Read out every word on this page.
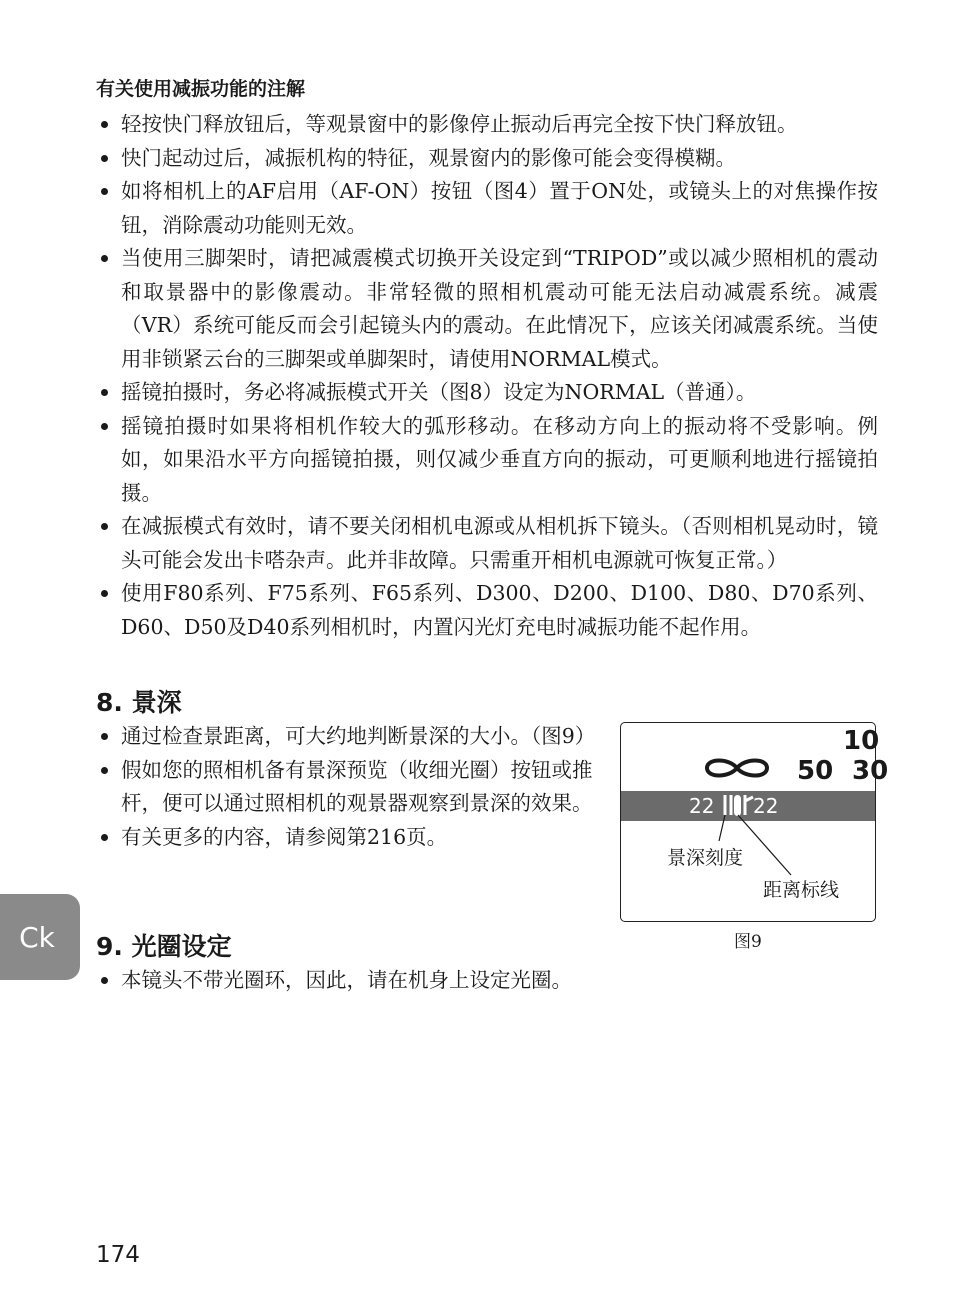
有关使用减振功能的注解
轻按快门释放钮后，等观景窗中的影像停止振动后再完全按下快门释放钮。
快门起动过后，减振机构的特征，观景窗内的影像可能会变得模糊。
如将相机上的AF启用（AF-ON）按钮（图4）置于ON处，或镜头上的对焦操作按钮，消除震动功能则无效。
当使用三脚架时，请把减震模式切换开关设定到“TRIPOD”或以减少照相机的震动和取景器中的影像震动。非常轻微的照相机震动可能无法启动减震系统。减震（VR）系统可能反而会引起镜头内的震动。在此情况下，应该关闭减震系统。当使用非锁紧云台的三脚架或单脚架时，请使用NORMAL模式。
摇镜拍摄时，务必将减振模式开关（图8）设定为NORMAL（普通）。
摇镜拍摄时如果将相机作较大的弧形移动。在移动方向上的振动将不受影响。例如，如果沿水平方向摇镜拍摄，则仅减少垂直方向的振动，可更顺利地进行摇镜拍摄。
在减振模式有效时，请不要关闭相机电源或从相机拆下镜头。（否则相机晃动时，镜头可能会发出卡嗒杂声。此并非故障。只需重开相机电源就可恢复正常。）
使用F80系列、F75系列、F65系列、D300、D200、D100、D80、D70系列、D60、D50及D40系列相机时，内置闪光灯充电时减振功能不起作用。
8. 景深
通过检查景距离，可大约地判断景深的大小。（图9）
假如您的照相机备有景深预览（收细光圈）按钮或推杆，便可以通过照相机的观景器观察到景深的效果。
有关更多的内容，请参阅第216页。
10
50 30
22 22
景深刻度
距离标线
图9
Ck	9. 光圈设定
本镜头不带光圈环，因此，请在机身上设定光圈。
174
